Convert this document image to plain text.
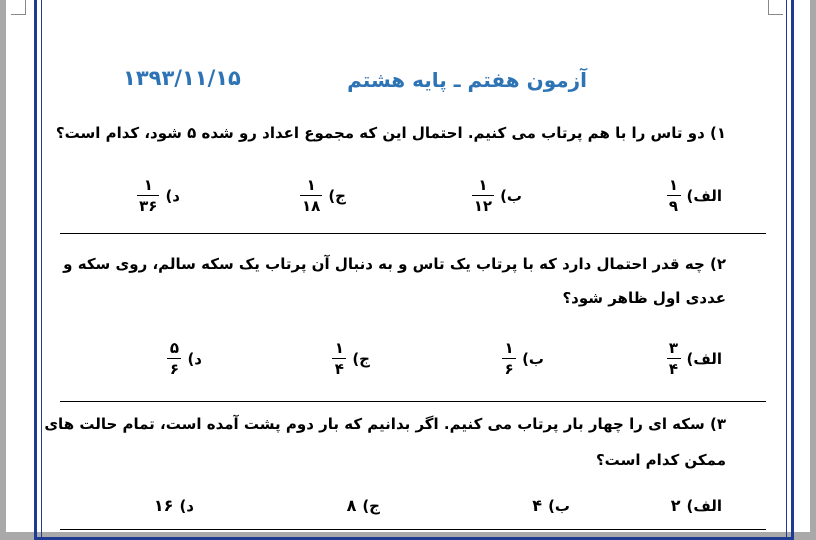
آزمون هفتم ـ پایه هشتم
۱۳۹۳/۱۱/۱۵
۱) دو تاس را با هم پرتاب می کنیم. احتمال این که مجموع اعداد رو شده ۵ شود، کدام است؟
الف)
$\frac{۱}{۹}$
ب)
$\frac{۱}{۱۲}$
ج)
$\frac{۱}{۱۸}$
د)
$\frac{۱}{۳۶}$
۲) چه قدر احتمال دارد که با پرتاب یک تاس و به دنبال آن پرتاب یک سکه سالم، روی سکه و
عددی اول ظاهر شود؟
الف)
$\frac{۳}{۴}$
ب)
$\frac{۱}{۶}$
ج)
$\frac{۱}{۴}$
د)
$\frac{۵}{۶}$
۳) سکه ای را چهار بار پرتاب می کنیم. اگر بدانیم که بار دوم پشت آمده است، تمام حالت های
ممکن کدام است؟
الف)
۲
ب)
۴
ج)
۸
د)
۱۶
